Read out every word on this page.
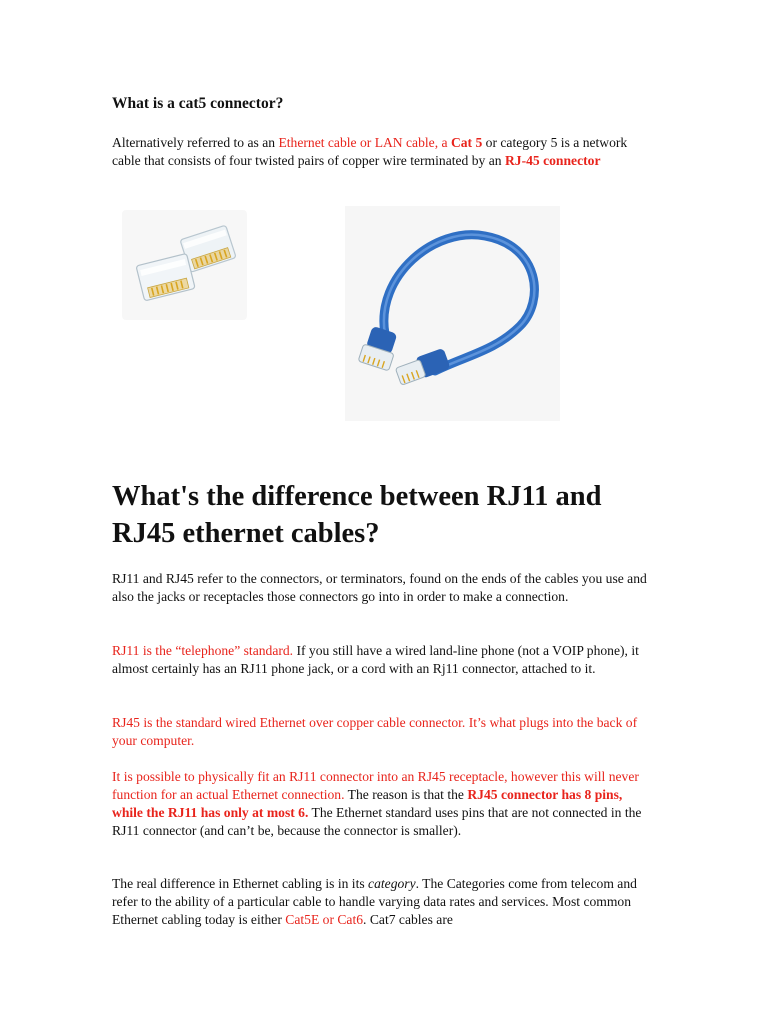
What is a cat5 connector?

Alternatively referred to as an Ethernet cable or LAN cable, a Cat 5 or category 5 is a network cable that consists of four twisted pairs of copper wire terminated by an RJ-45 connector

What's the difference between RJ11 and RJ45 ethernet cables?

RJ11 and RJ45 refer to the connectors, or terminators, found on the ends of the cables you use and also the jacks or receptacles those connectors go into in order to make a connection.

RJ11 is the “telephone” standard. If you still have a wired land-line phone (not a VOIP phone), it almost certainly has an RJ11 phone jack, or a cord with an Rj11 connector, attached to it.

RJ45 is the standard wired Ethernet over copper cable connector. It’s what plugs into the back of your computer.

It is possible to physically fit an RJ11 connector into an RJ45 receptacle, however this will never function for an actual Ethernet connection. The reason is that the RJ45 connector has 8 pins, while the RJ11 has only at most 6. The Ethernet standard uses pins that are not connected in the RJ11 connector (and can’t be, because the connector is smaller).

The real difference in Ethernet cabling is in its category. The Categories come from telecom and refer to the ability of a particular cable to handle varying data rates and services. Most common Ethernet cabling today is either Cat5E or Cat6. Cat7 cables are
